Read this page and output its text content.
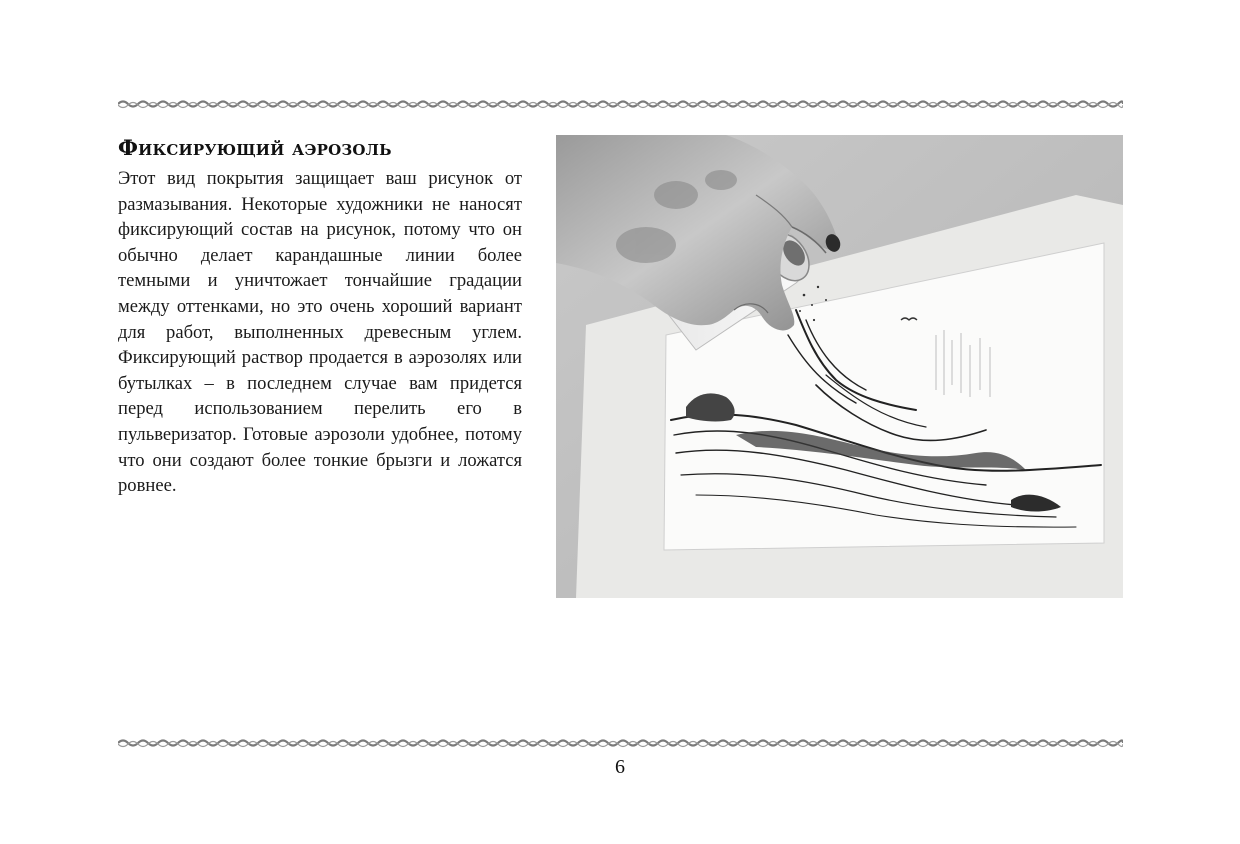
Фиксирующий аэрозоль

Этот вид покрытия защищает ваш рисунок от размазывания. Некоторые художники не наносят фиксирующий состав на рисунок, потому что он обычно делает карандашные линии более темными и уничтожает тончайшие градации между оттенками, но это очень хороший вариант для работ, выполненных древесным углем. Фиксирующий раствор продается в аэрозолях или бутылках – в последнем случае вам придется перед использованием перелить его в пульверизатор. Готовые аэрозоли удобнее, потому что они создают более тонкие брызги и ложатся ровнее.

6
